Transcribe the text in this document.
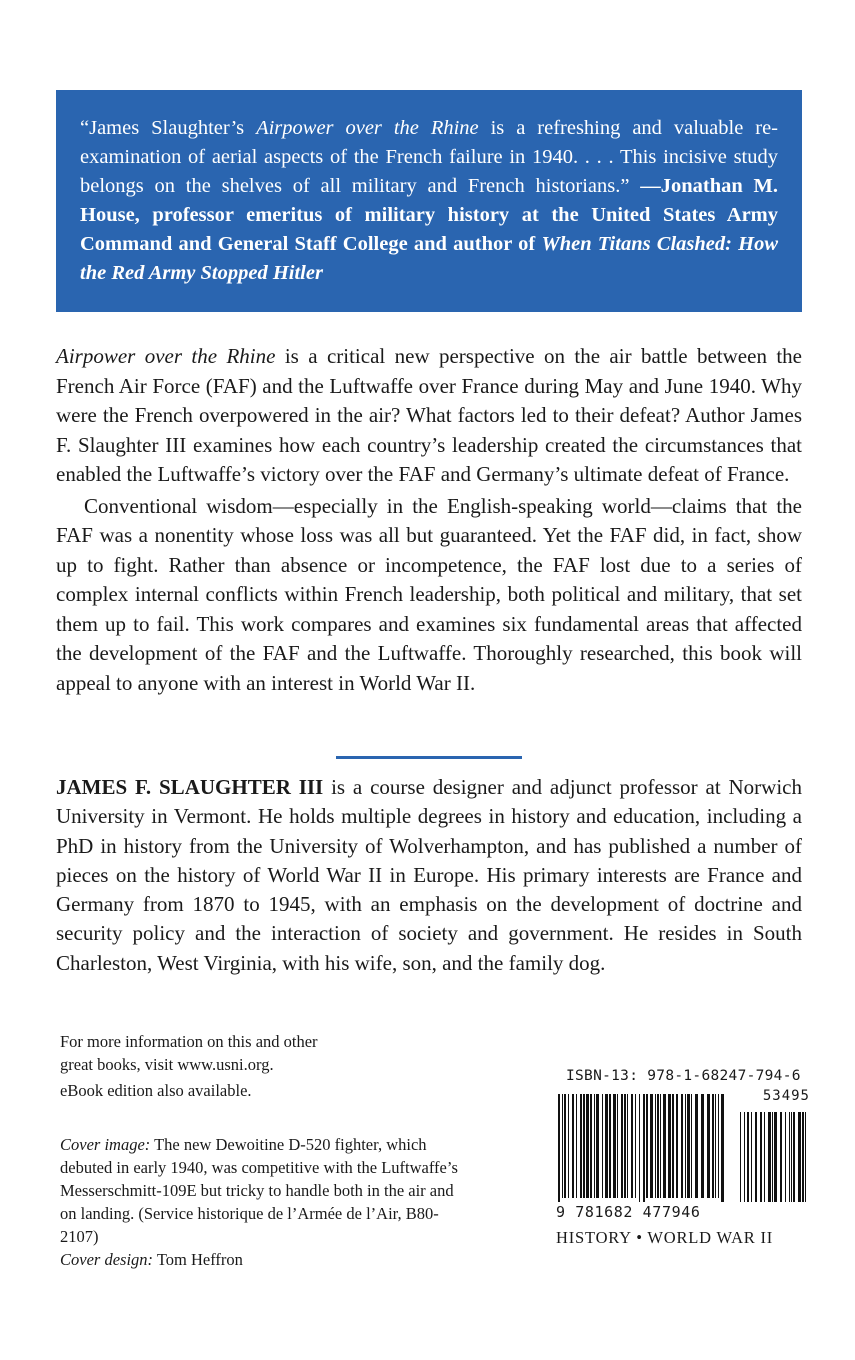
“James Slaughter’s Airpower over the Rhine is a refreshing and valuable re-examination of aerial aspects of the French failure in 1940. . . . This incisive study belongs on the shelves of all military and French historians.” —Jonathan M. House, professor emeritus of military history at the United States Army Command and General Staff College and author of When Titans Clashed: How the Red Army Stopped Hitler

Airpower over the Rhine is a critical new perspective on the air battle between the French Air Force (FAF) and the Luftwaffe over France during May and June 1940. Why were the French overpowered in the air? What factors led to their defeat? Author James F. Slaughter III examines how each country’s leadership created the circumstances that enabled the Luftwaffe’s victory over the FAF and Germany’s ultimate defeat of France.

Conventional wisdom—especially in the English-speaking world—claims that the FAF was a nonentity whose loss was all but guaranteed. Yet the FAF did, in fact, show up to fight. Rather than absence or incompetence, the FAF lost due to a series of complex internal conflicts within French leadership, both political and military, that set them up to fail. This work compares and examines six fundamental areas that affected the development of the FAF and the Luftwaffe. Thoroughly researched, this book will appeal to anyone with an interest in World War II.

JAMES F. SLAUGHTER III is a course designer and adjunct professor at Norwich University in Vermont. He holds multiple degrees in history and education, including a PhD in history from the University of Wolverhampton, and has published a number of pieces on the history of World War II in Europe. His primary interests are France and Germany from 1870 to 1945, with an emphasis on the development of doctrine and security policy and the interaction of society and government. He resides in South Charleston, West Virginia, with his wife, son, and the family dog.
For more information on this and other
great books, visit www.usni.org.
eBook edition also available.
Cover image: The new Dewoitine D-520 fighter, which debuted in early 1940, was competitive with the Luftwaffe’s Messerschmitt-109E but tricky to handle both in the air and on landing. (Service historique de l’Armée de l’Air, B80-2107)
Cover design: Tom Heffron
ISBN-13: 978-1-68247-794-6
53495
9 781682 477946
HISTORY • WORLD WAR II
